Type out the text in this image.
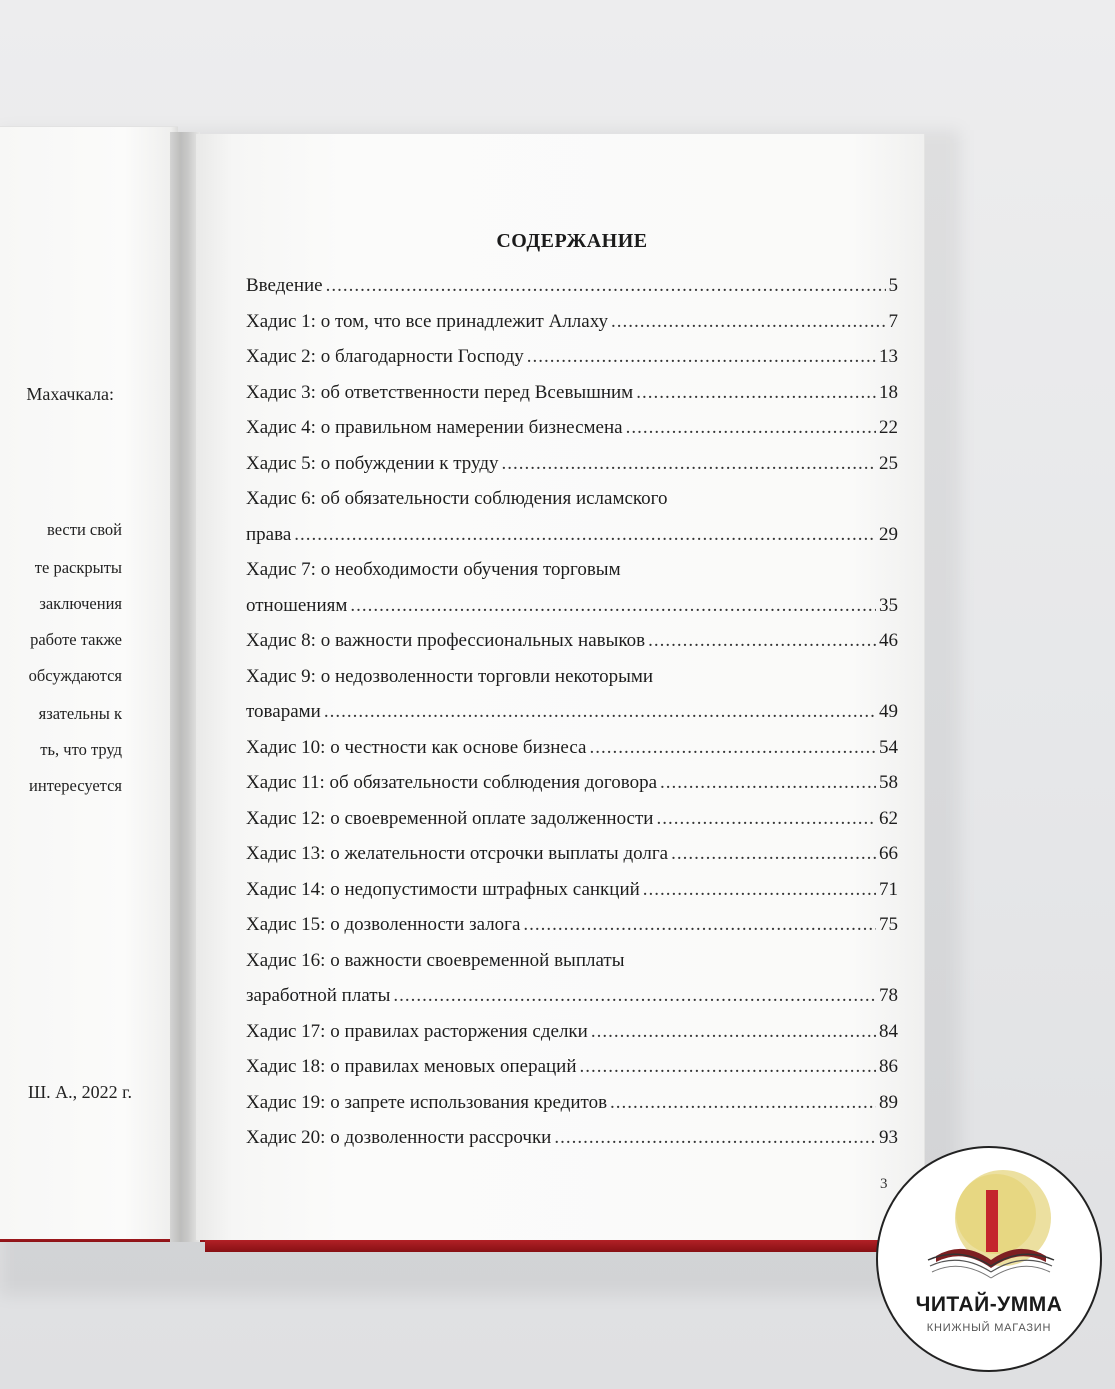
Махачкала:
вести свой
те раскрыты
заключения
работе также
обсуждаются
язательны к
ть, что труд
интересуется
Ш. А., 2022 г.
СОДЕРЖАНИЕ
Введение .....	5
Хадис 1: о том, что все принадлежит Аллаху .....	7
Хадис 2: о благодарности Господу .....	13
Хадис 3: об ответственности перед Всевышним .....	18
Хадис 4: о правильном намерении бизнесмена .....	22
Хадис 5: о побуждении к труду .....	25
Хадис 6: об обязательности соблюдения исламского
права .....	29
Хадис 7: о необходимости обучения торговым
отношениям .....	35
Хадис 8: о важности профессиональных навыков .....	46
Хадис 9: о недозволенности торговли некоторыми
товарами .....	49
Хадис 10: о честности как основе бизнеса .....	54
Хадис 11: об обязательности соблюдения договора .....	58
Хадис 12: о своевременной оплате задолженности .....	62
Хадис 13: о желательности отсрочки выплаты долга .....	66
Хадис 14: о недопустимости штрафных санкций .....	71
Хадис 15: о дозволенности залога .....	75
Хадис 16: о важности своевременной выплаты
заработной платы .....	78
Хадис 17: о правилах расторжения сделки .....	84
Хадис 18: о правилах меновых операций .....	86
Хадис 19: о запрете использования кредитов .....	89
Хадис 20: о дозволенности рассрочки .....	93
3
ЧИТАЙ-УММА
КНИЖНЫЙ МАГАЗИН
